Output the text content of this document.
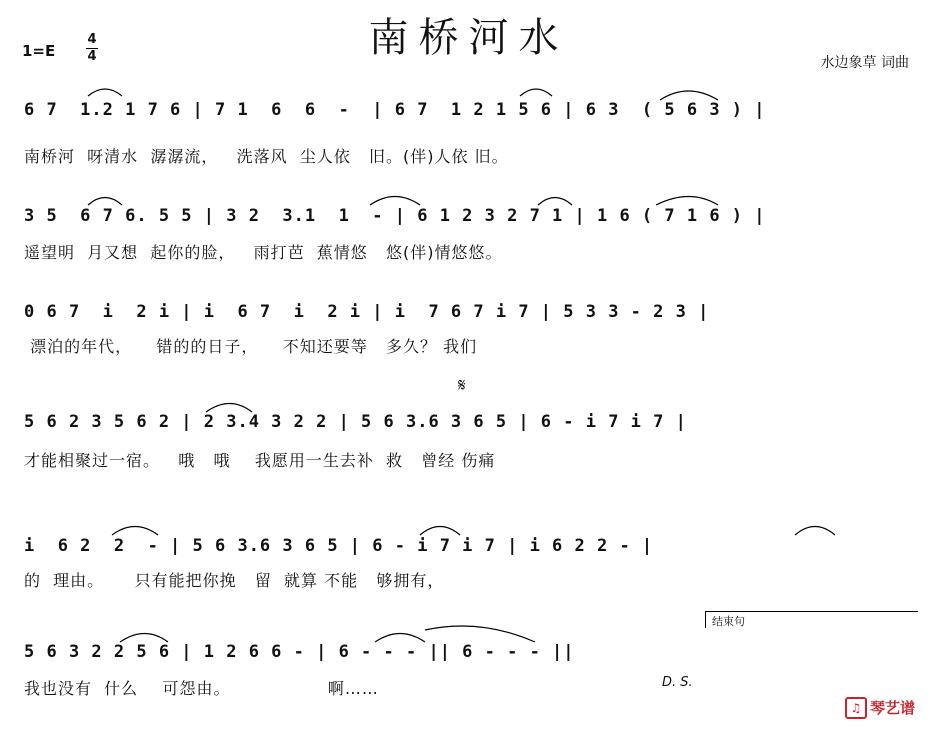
南桥河水
1=E
4
4	水边象草 词曲
6 7  1.2 1 7 6 | 7 1  6  6  -  | 6 7  1 2 1 5 6 | 6 3  ( 5 6 3 ) |
南桥河  呀清水  潺潺流，   洗落风  尘人依   旧。(伴)人依 旧。
3 5  6 7 6. 5 5 | 3 2  3.1  1  - | 6 1 2 3 2 7 1 | 1 6 ( 7 1 6 ) |
遥望明  月又想  起你的脸，   雨打芭  蕉情悠   悠(伴)情悠悠。
0 6 7  i  2 i | i  6 7  i  2 i | i  7 6 7 i 7 | 5 3 3 - 2 3 |
漂泊的年代，    错的的日子，    不知还要等   多久？ 我们
5 6 2 3 5 6 2 | 2 3.4 3 2 2 | 5 6 3.6 3 6 5 | 6 - i 7 i 7 |
才能相聚过一宿。   哦   哦    我愿用一生去补  救   曾经 伤痛
i  6 2  2  - | 5 6 3.6 3 6 5 | 6 - i 7 i 7 | i 6 2 2 - |
的  理由。     只有能把你挽   留  就算 不能   够拥有，
5 6 3 2 2 5 6 | 1 2 6 6 - | 6 - - - || 6 - - - ||
我也没有  什么    可怨由。                啊……
𝄋
结束句
D. S.
♫ 琴艺谱
